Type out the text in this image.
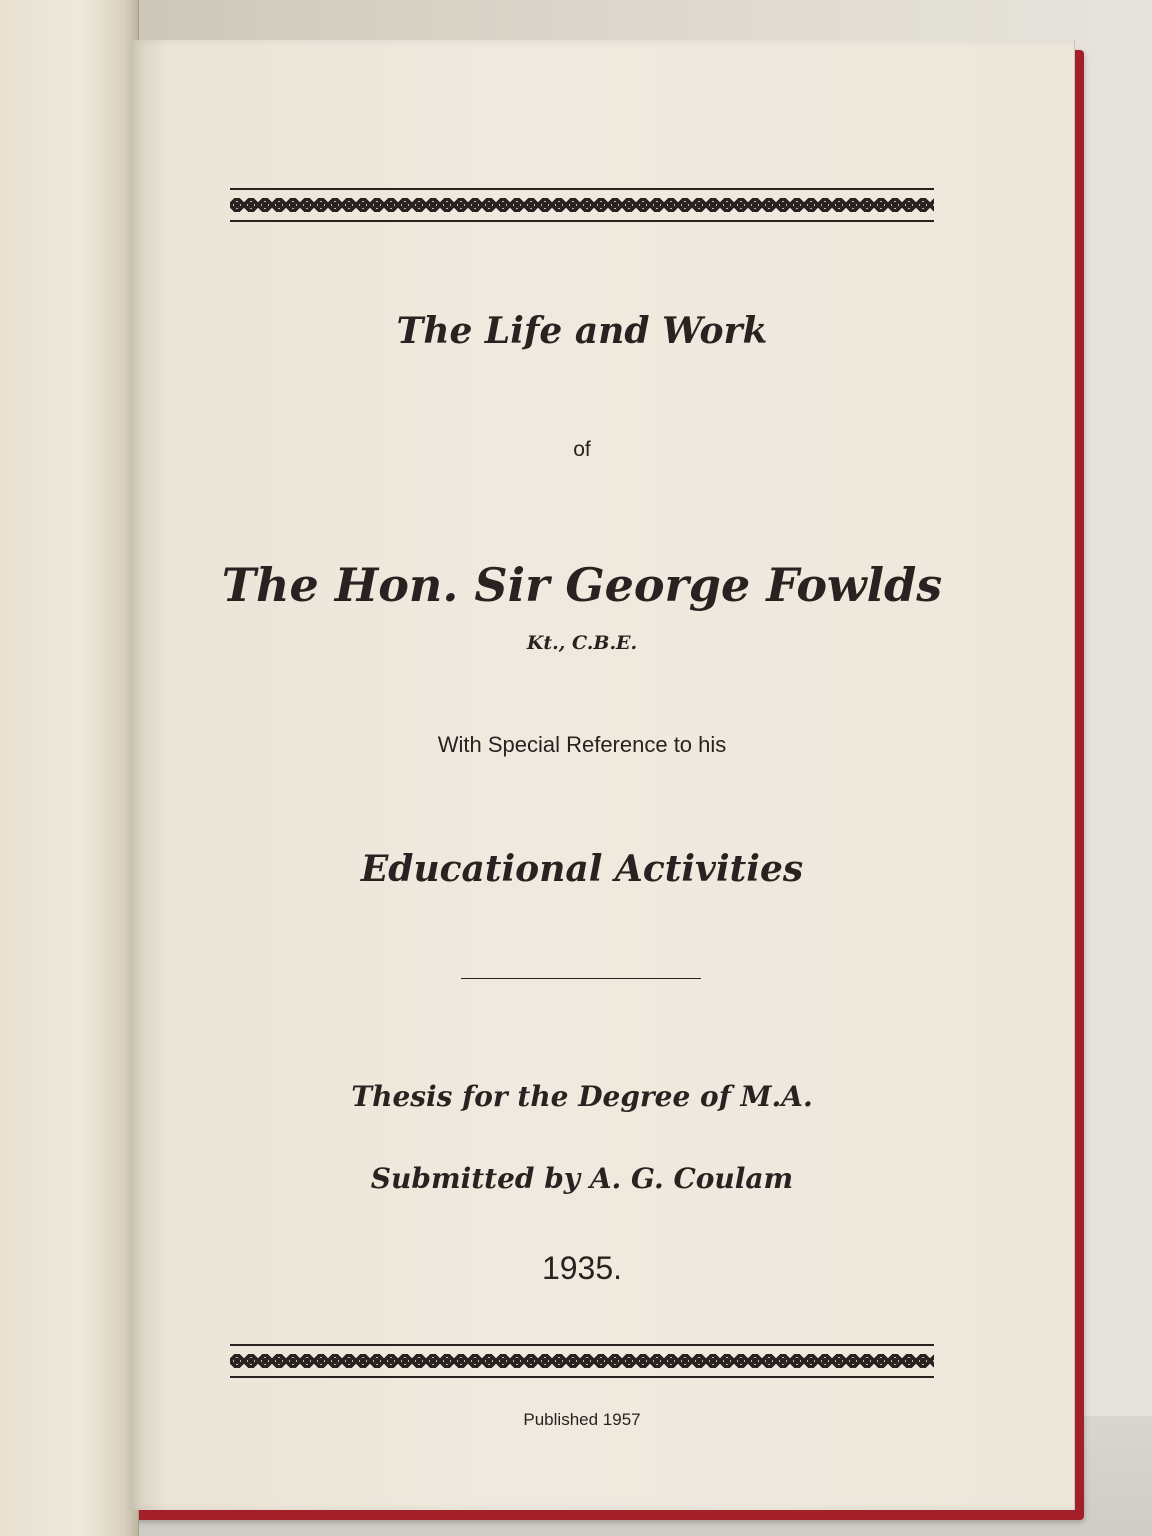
The Life and Work
of
The Hon. Sir George Fowlds
Kt., C.B.E.
With Special Reference to his
Educational Activities
Thesis for the Degree of M.A.
Submitted by A. G. Coulam
1935.
Published 1957
